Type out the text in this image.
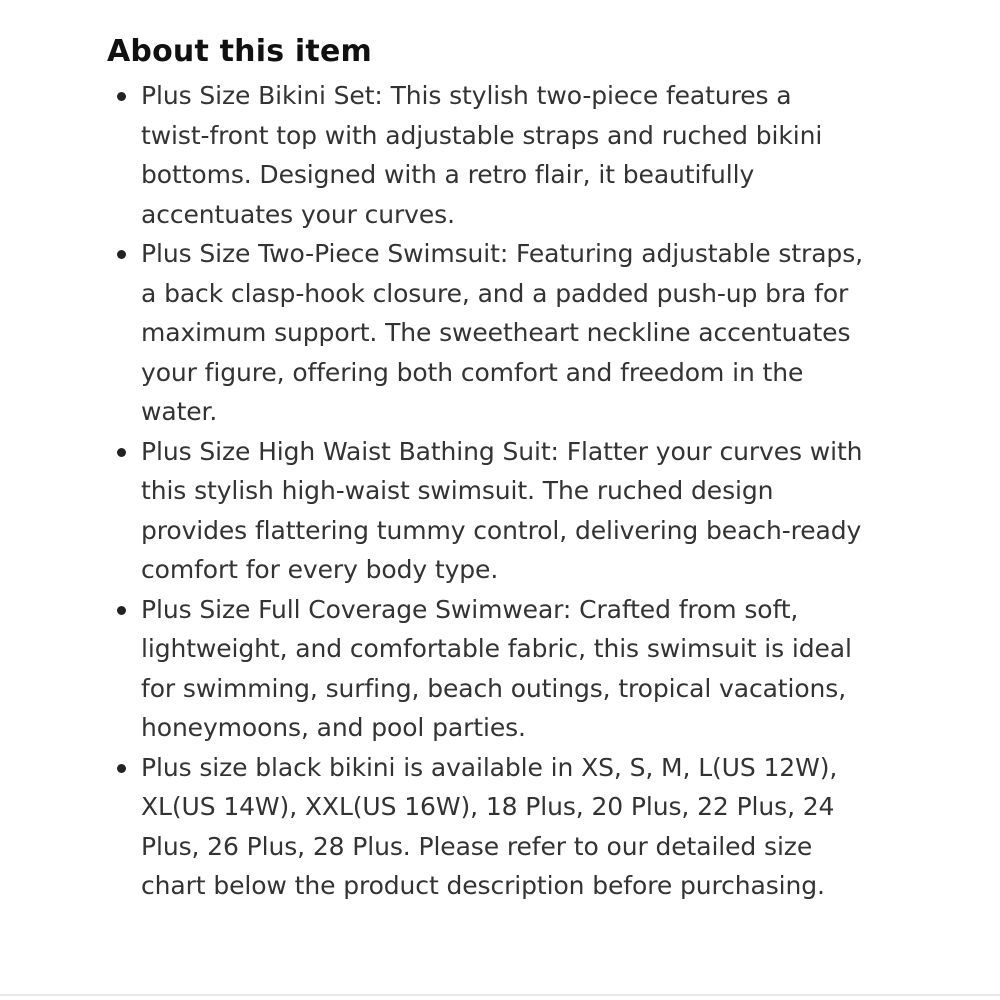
About this item
Plus Size Bikini Set: This stylish two-piece features a twist-front top with adjustable straps and ruched bikini bottoms. Designed with a retro flair, it beautifully accentuates your curves.
Plus Size Two-Piece Swimsuit: Featuring adjustable straps, a back clasp-hook closure, and a padded push-up bra for maximum support. The sweetheart neckline accentuates your figure, offering both comfort and freedom in the water.
Plus Size High Waist Bathing Suit: Flatter your curves with this stylish high-waist swimsuit. The ruched design provides flattering tummy control, delivering beach-ready comfort for every body type.
Plus Size Full Coverage Swimwear: Crafted from soft, lightweight, and comfortable fabric, this swimsuit is ideal for swimming, surfing, beach outings, tropical vacations, honeymoons, and pool parties.
Plus size black bikini is available in XS, S, M, L(US 12W), XL(US 14W), XXL(US 16W), 18 Plus, 20 Plus, 22 Plus, 24 Plus, 26 Plus, 28 Plus. Please refer to our detailed size chart below the product description before purchasing.
